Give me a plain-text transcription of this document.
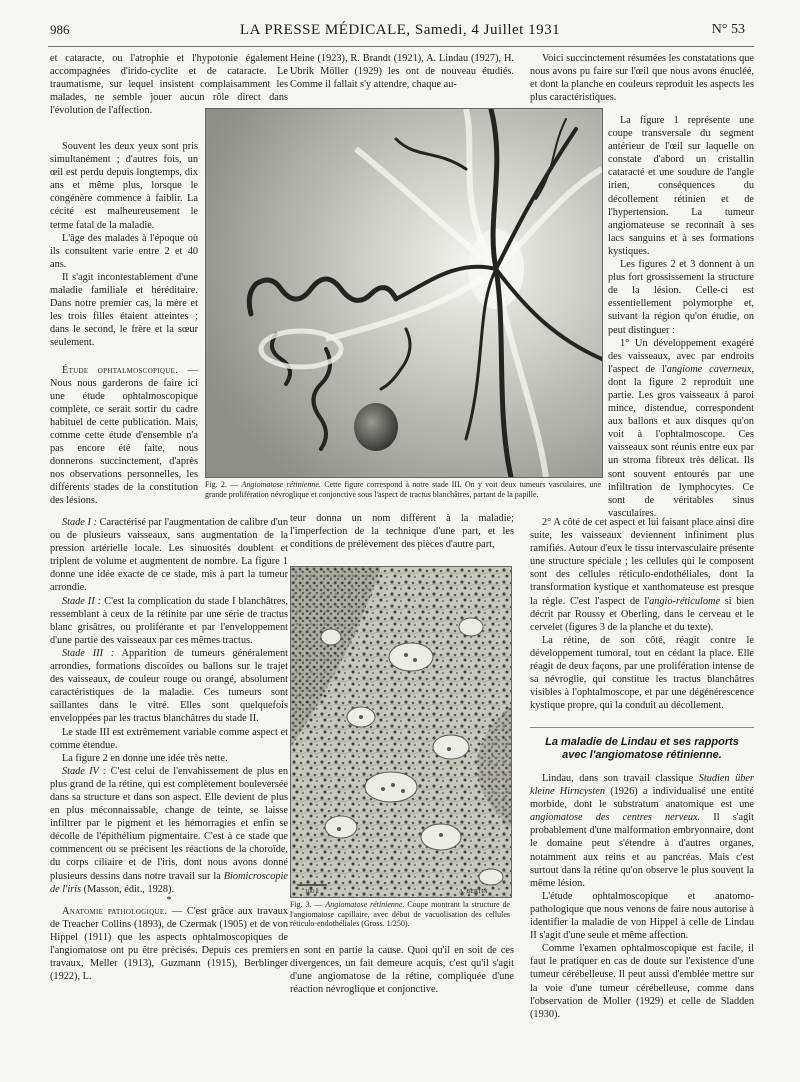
986	LA PRESSE MÉDICALE, Samedi, 4 Juillet 1931	N° 53

et cataracte, ou l'atrophie et l'hypotonie également accompagnées d'irido-cyclite et de cataracte. Le traumatisme, sur lequel insistent complaisamment les malades, ne semble jouer aucun rôle direct dans l'évolution de l'affection.

Souvent les deux yeux sont pris simultanément ; d'autres fois, un œil est perdu depuis longtemps, dix ans et même plus, lorsque le congénère commence à faiblir. La cécité est malheureusement le terme fatal de la maladie.

L'âge des malades à l'époque où ils consultent varie entre 2 et 40 ans.

Il s'agit incontestablement d'une maladie familiale et héréditaire. Dans notre premier cas, la mère et les trois filles étaient atteintes ; dans le second, le frère et la sœur seulement.

Étude ophtalmoscopique. — Nous nous garderons de faire ici une étude ophtalmoscopique complète, ce serait sortir du cadre habituel de cette publication. Mais, comme cette étude d'ensemble n'a pas encore été faite, nous donnerons succinctement, d'après nos observations personnelles, les différents stades de la constitution des lésions.

Stade I : Caractérisé par l'augmentation de calibre d'un ou de plusieurs vaisseaux, sans augmentation de la pression artérielle locale. Les sinuosités doublent et triplent de volume et augmentent de nombre. La figure 1 donne une idée exacte de ce stade, mis à part la tumeur arrondie.

Stade II : C'est la complication du stade I blanchâtres, ressemblant à ceux de la rétinite par une série de tractus blanc grisâtres, ou proliférante et par l'enveloppement d'une partie des vaisseaux par ces mêmes tractus.

Stade III : Apparition de tumeurs généralement arrondies, formations discoïdes ou ballons sur le trajet des vaisseaux, de couleur rouge ou orangé, absolument caractéristiques de la maladie. Ces tumeurs sont saillantes dans le vitré. Elles sont quelquefois enveloppées par les tractus blanchâtres du stade II.

Le stade III est extrêmement variable comme aspect et comme étendue.

La figure 2 en donne une idée très nette.

Stade IV : C'est celui de l'envahissement de plus en plus grand de la rétine, qui est complètement bouleversée dans sa structure et dans son aspect. Elle devient de plus en plus méconnaissable, change de teinte, se laisse infiltrer par le pigment et les hémorragies et enfin se décolle de l'épithélium pigmentaire. C'est à ce stade que commencent ou se précisent les réactions de la choroïde, du corps ciliaire et de l'iris, dont nous avons donné plusieurs dessins dans notre travail sur la Biomicroscopie de l'iris (Masson, édit., 1928).

*

Anatomie pathologique. — C'est grâce aux travaux de Treacher Collins (1893), de Czermak (1905) et de von Hippel (1911) que les aspects ophtalmoscopiques de l'angiomatose ont pu être précisés. Depuis ces premiers travaux, Meller (1913), Guzmann (1915), Berblinger (1922), L.

Heine (1923), R. Brandt (1921), A. Lindau (1927), H. Ubrik Möller (1929) les ont de nouveau étudiés. Comme il fallait s'y attendre, chaque au-

Voici succinctement résumées les constatations que nous avons pu faire sur l'œil que nous avons énucléé, et dont la planche en couleurs reproduit les aspects les plus caractéristiques.

La figure 1 représente une coupe transversale du segment antérieur de l'œil sur laquelle on constate d'abord un cristallin cataracté et une soudure de l'angle irien, conséquences du décollement rétinien et de l'hypertension. La tumeur angiomateuse se reconnaît à ses lacs sanguins et à ses formations kystiques.

Les figures 2 et 3 donnent à un plus fort grossissement la structure de la lésion. Celle-ci est essentiellement polymorphe et, suivant la région qu'on étudie, on peut distinguer :

1° Un développement exagéré des vaisseaux, avec par endroits l'aspect de l'angiome caverneux, dont la figure 2 reproduit une partie. Les gros vaisseaux à paroi mince, distendue, correspondent aux ballons et aux disques qu'on voit à l'ophtalmoscope. Ces vaisseaux sont réunis entre eux par un stroma fibreux très délicat. Ils sont souvent entourés par une infiltration de lymphocytes. Ce sont de véritables sinus vasculaires.

Fig. 2. — Angiomatose rétinienne. Cette figure correspond à notre stade III. On y voit deux tumeurs vasculaires, une grande prolifération névroglique et conjonctive sous l'aspect de tractus blanchâtres, partant de la papille.

teur donna un nom différent à la maladie; l'imperfection de la technique d'une part, et les conditions de prélèvement des pièces d'autre part,

100 μ	A. BERTIN
Fig. 3. — Angiomatose rétinienne. Coupe montrant la structure de l'angiomatose capillaire, avec début de vacuolisation des cellules réticulo-endothéliales (Gross. 1/250).

en sont en partie la cause. Quoi qu'il en soit de ces divergences, un fait demeure acquis, c'est qu'il s'agit d'une angiomatose de la rétine, compliquée d'une réaction névroglique et conjonctive.

2° A côté de cet aspect et lui faisant place ainsi dire suite, les vaisseaux deviennent infiniment plus ramifiés. Autour d'eux le tissu intervasculaire présente une structure spéciale ; les cellules qui le composent sont des cellules réticulo-endothéliales, dont la transformation kystique et xanthomateuse est presque la règle. C'est l'aspect de l'angio-réticulome si bien décrit par Roussy et Oberling, dans le cerveau et le cervelet (figures 3 de la planche et du texte).

La rétine, de son côté, réagit contre le développement tumoral, tout en cédant la place. Elle réagit de deux façons, par une prolifération intense de sa névroglie, qui constitue les tractus blanchâtres visibles à l'ophtalmoscope, et par une dégénérescence kystique propre, qui la conduit au décollement.

La maladie de Lindau et ses rapports
avec l'angiomatose rétinienne.

Lindau, dans son travail classique Studien über kleine Hirncysten (1926) a individualisé une entité morbide, dont le substratum anatomique est une angiomatose des centres nerveux. Il s'agit probablement d'une malformation embryonnaire, dont le domaine peut s'étendre à d'autres organes, notamment aux reins et au pancréas. Mais c'est surtout dans la rétine qu'on observe le plus souvent la même lésion.

L'étude ophtalmoscopique et anatomo-pathologique que nous venons de faire nous autorise à identifier la maladie de von Hippel à celle de Lindau II s'agit d'une seule et même affection.

Comme l'examen ophtalmoscopique est facile, il faut le pratiquer en cas de doute sur l'existence d'une tumeur cérébelleuse. Il peut aussi d'emblée mettre sur la voie d'une tumeur cérébelleuse, comme dans l'observation de Moller (1929) et celle de Sladden (1930).
